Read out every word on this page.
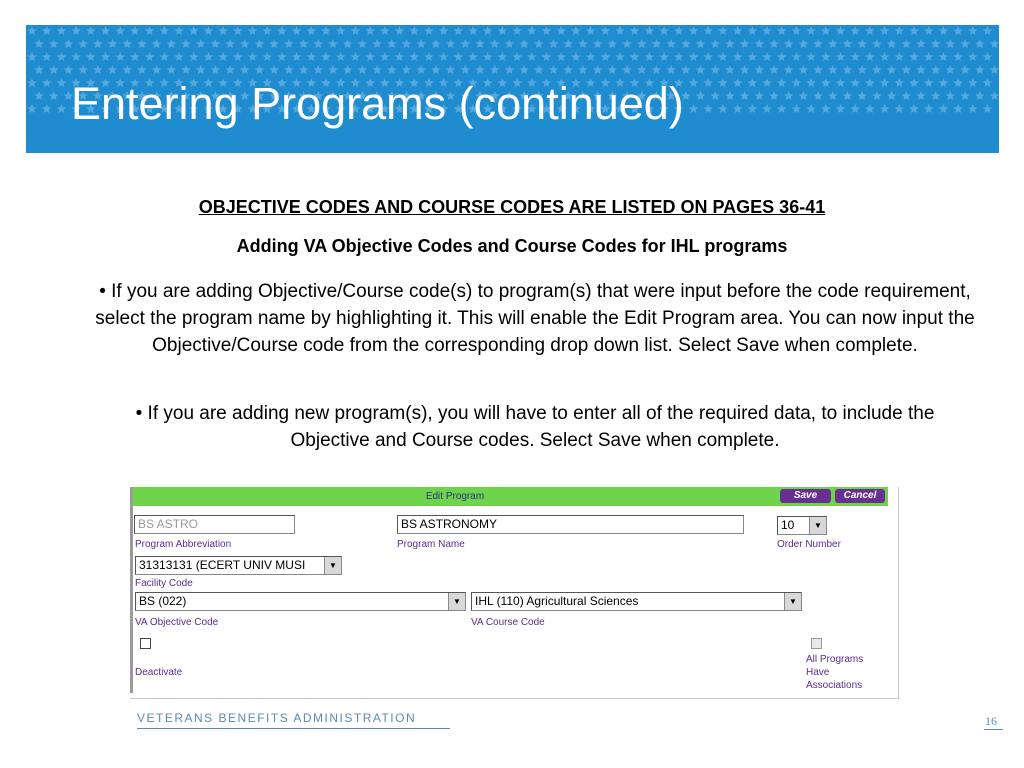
Entering Programs (continued)
OBJECTIVE CODES AND COURSE CODES ARE LISTED ON PAGES 36-41
Adding VA Objective Codes and Course Codes for IHL programs

• If you are adding Objective/Course code(s) to program(s) that were input before the code requirement, select the program name by highlighting it. This will enable the Edit Program area. You can now input the Objective/Course code from the corresponding drop down list. Select Save when complete.

• If you are adding new program(s), you will have to enter all of the required data, to include the Objective and Course codes. Select Save when complete.

Edit Program	Save	Cancel
BS ASTRO
Program Abbreviation
BS ASTRONOMY
Program Name
10	▼
Order Number
31313131 (ECERT UNIV MUSI	▼
Facility Code
BS (022)	▼
VA Objective Code
IHL (110) Agricultural Sciences	▼
VA Course Code
Deactivate
All Programs
Have
Associations
VETERANS BENEFITS ADMINISTRATION	16
